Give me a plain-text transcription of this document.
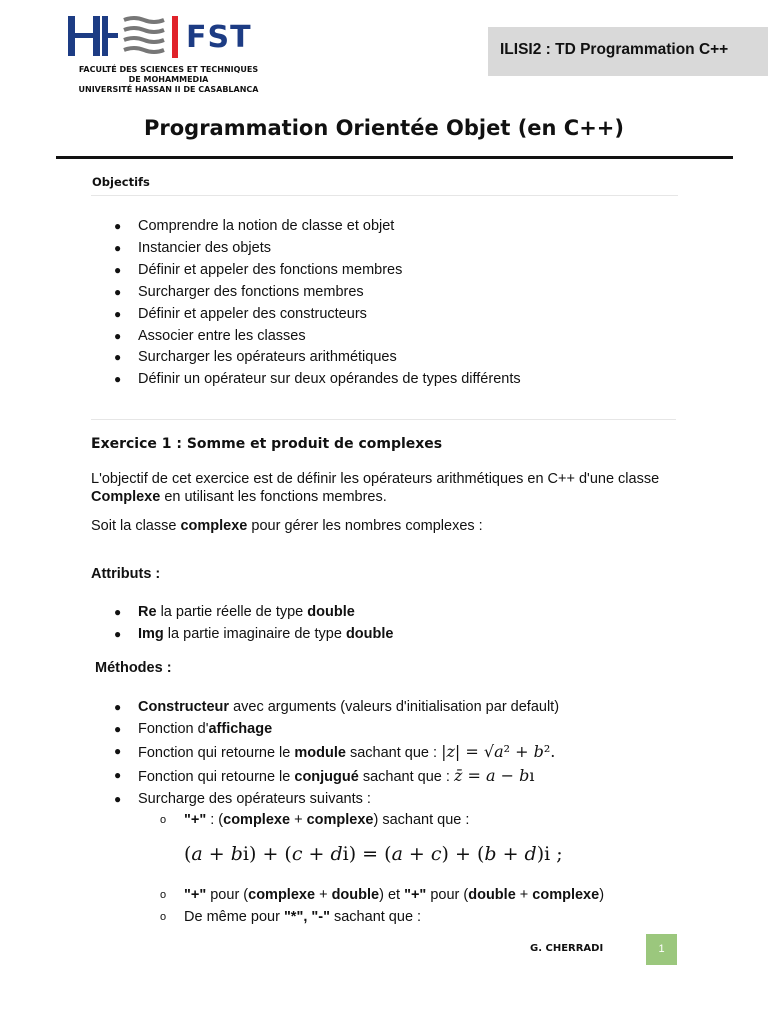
FST
FACULTÉ DES SCIENCES ET TECHNIQUES
DE MOHAMMEDIA
UNIVERSITÉ HASSAN II DE CASABLANCA
ILISI2 : TD Programmation C++
Programmation Orientée Objet (en C++)
Objectifs
● Comprendre la notion de classe et objet
● Instancier des objets
● Définir et appeler des fonctions membres
● Surcharger des fonctions membres
● Définir et appeler des constructeurs
● Associer entre les classes
● Surcharger les opérateurs arithmétiques
● Définir un opérateur sur deux opérandes de types différents
Exercice 1 : Somme et produit de complexes
L'objectif de cet exercice est de définir les opérateurs arithmétiques en C++ d'une classe Complexe en utilisant les fonctions membres.
Soit la classe complexe pour gérer les nombres complexes :
Attributs :
● Re la partie réelle de type double
● Img la partie imaginaire de type double
Méthodes :
● Constructeur avec arguments (valeurs d'initialisation par default)
● Fonction d'affichage
● Fonction qui retourne le module sachant que : |z| = √a² + b².
● Fonction qui retourne le conjugué sachant que : z̄ = a − bı
● Surcharge des opérateurs suivants :
o "+" : (complexe + complexe) sachant que :
(a + bi) + (c + di) = (a + c) + (b + d)i ;
o "+" pour (complexe + double) et "+" pour (double + complexe)
o De même pour "*", "-" sachant que :
G. CHERRADI	1
